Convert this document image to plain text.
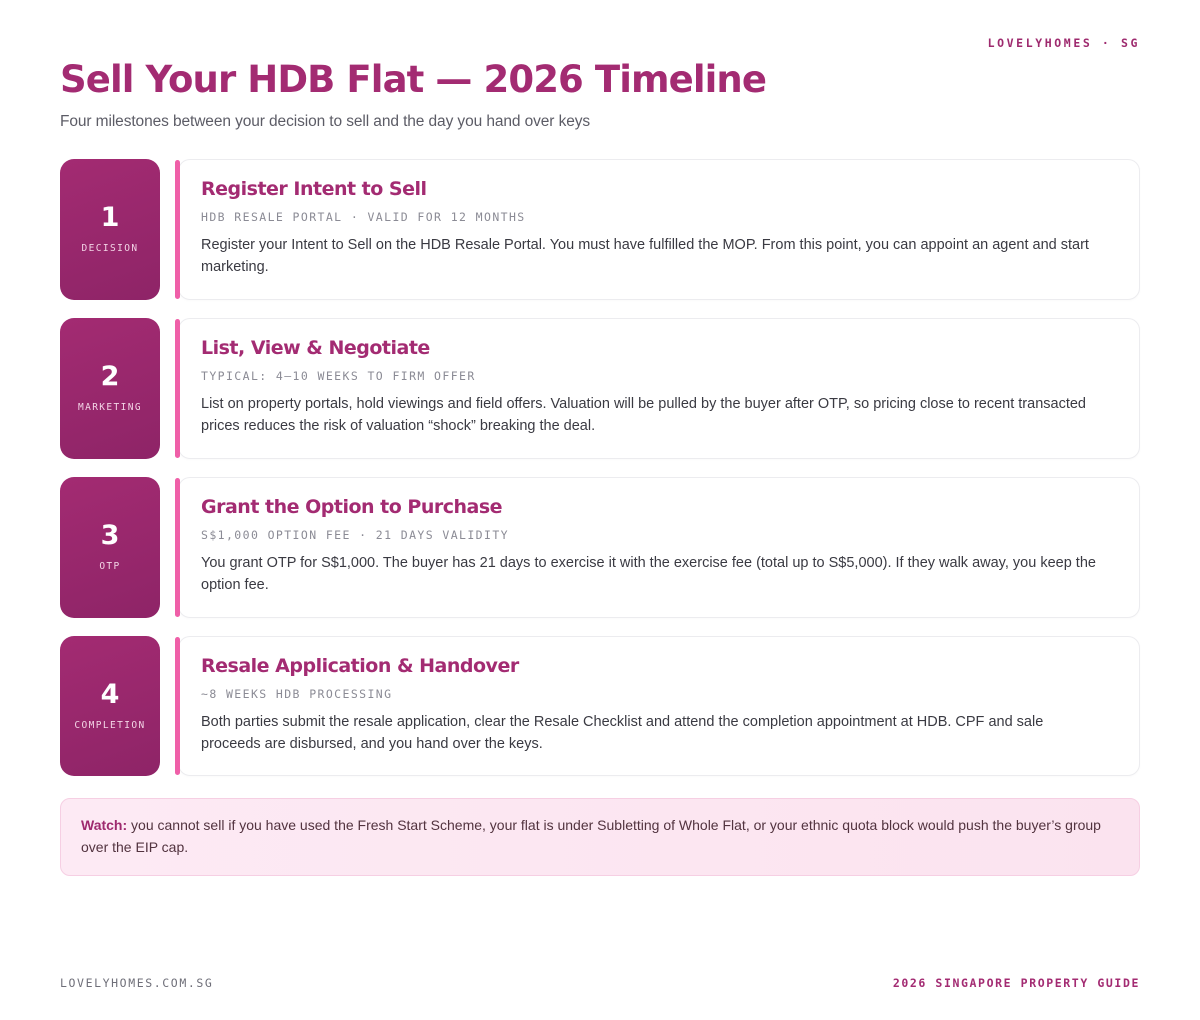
LOVELYHOMES · SG
Sell Your HDB Flat — 2026 Timeline

Four milestones between your decision to sell and the day you hand over keys

1
DECISION
Register Intent to Sell
HDB RESALE PORTAL · VALID FOR 12 MONTHS

Register your Intent to Sell on the HDB Resale Portal. You must have fulfilled the MOP. From this point, you can appoint an agent and start marketing.

2
MARKETING
List, View & Negotiate
TYPICAL: 4–10 WEEKS TO FIRM OFFER

List on property portals, hold viewings and field offers. Valuation will be pulled by the buyer after OTP, so pricing close to recent transacted prices reduces the risk of valuation “shock” breaking the deal.

3
OTP
Grant the Option to Purchase
S$1,000 OPTION FEE · 21 DAYS VALIDITY

You grant OTP for S$1,000. The buyer has 21 days to exercise it with the exercise fee (total up to S$5,000). If they walk away, you keep the option fee.

4
COMPLETION
Resale Application & Handover
~8 WEEKS HDB PROCESSING

Both parties submit the resale application, clear the Resale Checklist and attend the completion appointment at HDB. CPF and sale proceeds are disbursed, and you hand over the keys.

Watch: you cannot sell if you have used the Fresh Start Scheme, your flat is under Subletting of Whole Flat, or your ethnic quota block would push the buyer’s group over the EIP cap.
LOVELYHOMES.COM.SG	2026 SINGAPORE PROPERTY GUIDE
